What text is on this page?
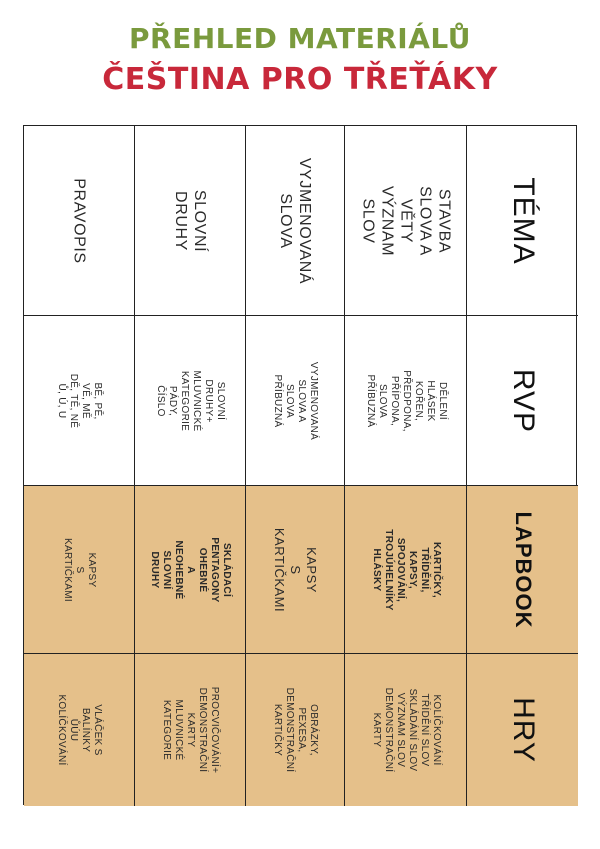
PŘEHLED MATERIÁLŮ
ČEŠTINA PRO TŘEŤÁKY
TÉMA
RVP
LAPBOOK
HRY
STAVBA
SLOVA A VĚTY
VÝZNAM SLOV
DĚLENÍ HLÁSEK
KOŘEN, PŘEDPONA,
PŘÍPONA,
SLOVA PŘÍBUZNÁ
KARTIČKY,
TŘÍDĚNÍ,
KAPSY,
SPOJOVÁNÍ,
TROJÚHELNÍKY
HLÁSKY
KOLÍČKOVÁNÍ
TŘÍDĚNÍ SLOV
SKLÁDÁNÍ SLOV
VÝZNAM SLOV
DEMONSTRAČNÍ
KARTY
VYJMENOVANÁ
SLOVA
VYJMENOVANÁ
SLOVA A SLOVA
PŘÍBUZNÁ
KAPSY
S KARTIČKAMI
OBRÁZKY,
PEXESA,
DEMONSTRAČNÍ
KARTIČKY
SLOVNÍ
DRUHY
SLOVNÍ
DRUHY+
MLUVNICKÉ
KATEGORIE
PÁDY, ČÍSLO
SKLÁDACÍ
PENTAGONY
OHEBNÉ
A NEOHEBNÉ
SLOVNÍ DRUHY
PROCVIČOVÁNÍ+
DEMONSTRAČNÍ
KARTY
MLUVNICKÉ
KATEGORIE
PRAVOPIS
BĚ, PĚ, VĚ, MĚ
DĚ, TĚ, NĚ
Ů, Ú, U
KAPSY
S KARTIČKAMI
VLÁČEK S BALÍNKY
ŮÚU
KOLÍČKOVÁNÍ
